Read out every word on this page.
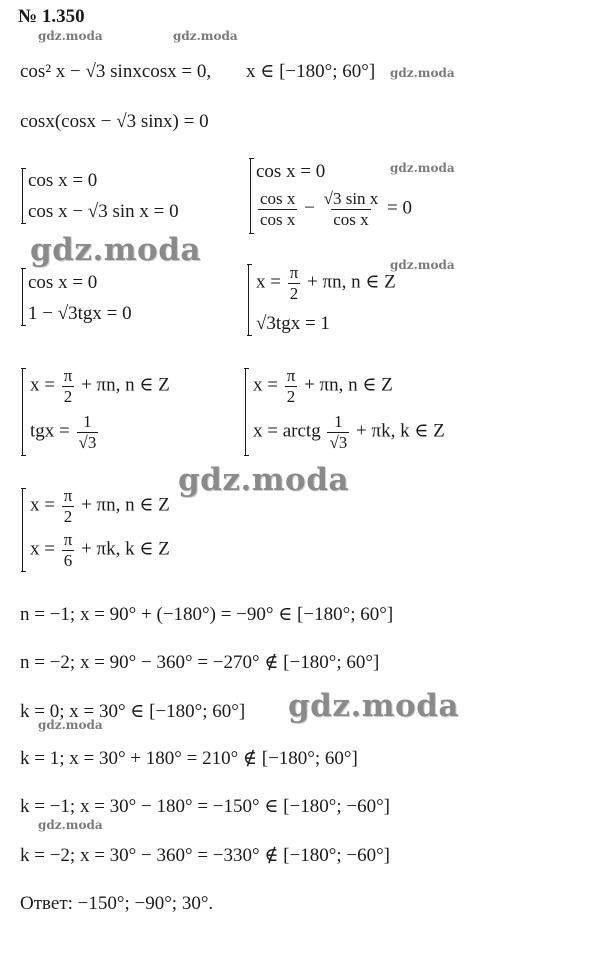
№ 1.350
gdz.moda	gdz.moda
gdz.moda
gdz.moda
gdz.moda
gdz.moda
gdz.moda
gdz.moda
gdz.moda
gdz.moda
cos² x − √3 sinxcosx = 0, x ∈ [−180°; 60°]
cosx(cosx − √3 sinx) = 0
cos x = 0
cos x − √3 sin x = 0
cos x = 0
$\frac{\text{cos x}}{\text{cos x}} - \frac{\text{√3 sin x}}{\text{cos x}} = 0$
cos x = 0
1 − √3tgx = 0
$x = \frac{\pi}{2} + \pi n$, n ∈ Z
√3tgx = 1
$x = \frac{\pi}{2} + \pi n$, n ∈ Z
tgx = $\frac{1}{√3}$
$x = \frac{\pi}{2} + \pi n$, n ∈ Z
x = arctg $\frac{1}{√3} + \pi k$, k ∈ Z
$x = \frac{\pi}{2} + \pi n$, n ∈ Z
$x = \frac{\pi}{6} + \pi k$, k ∈ Z
n = −1; x = 90° + (−180°) = −90° ∈ [−180°; 60°]
n = −2; x = 90° − 360° = −270° ∉ [−180°; 60°]
k = 0; x = 30° ∈ [−180°; 60°]
k = 1; x = 30° + 180° = 210° ∉ [−180°; 60°]
k = −1; x = 30° − 180° = −150° ∈ [−180°; −60°]
k = −2; x = 30° − 360° = −330° ∉ [−180°; −60°]
Ответ: −150°; −90°; 30°.
